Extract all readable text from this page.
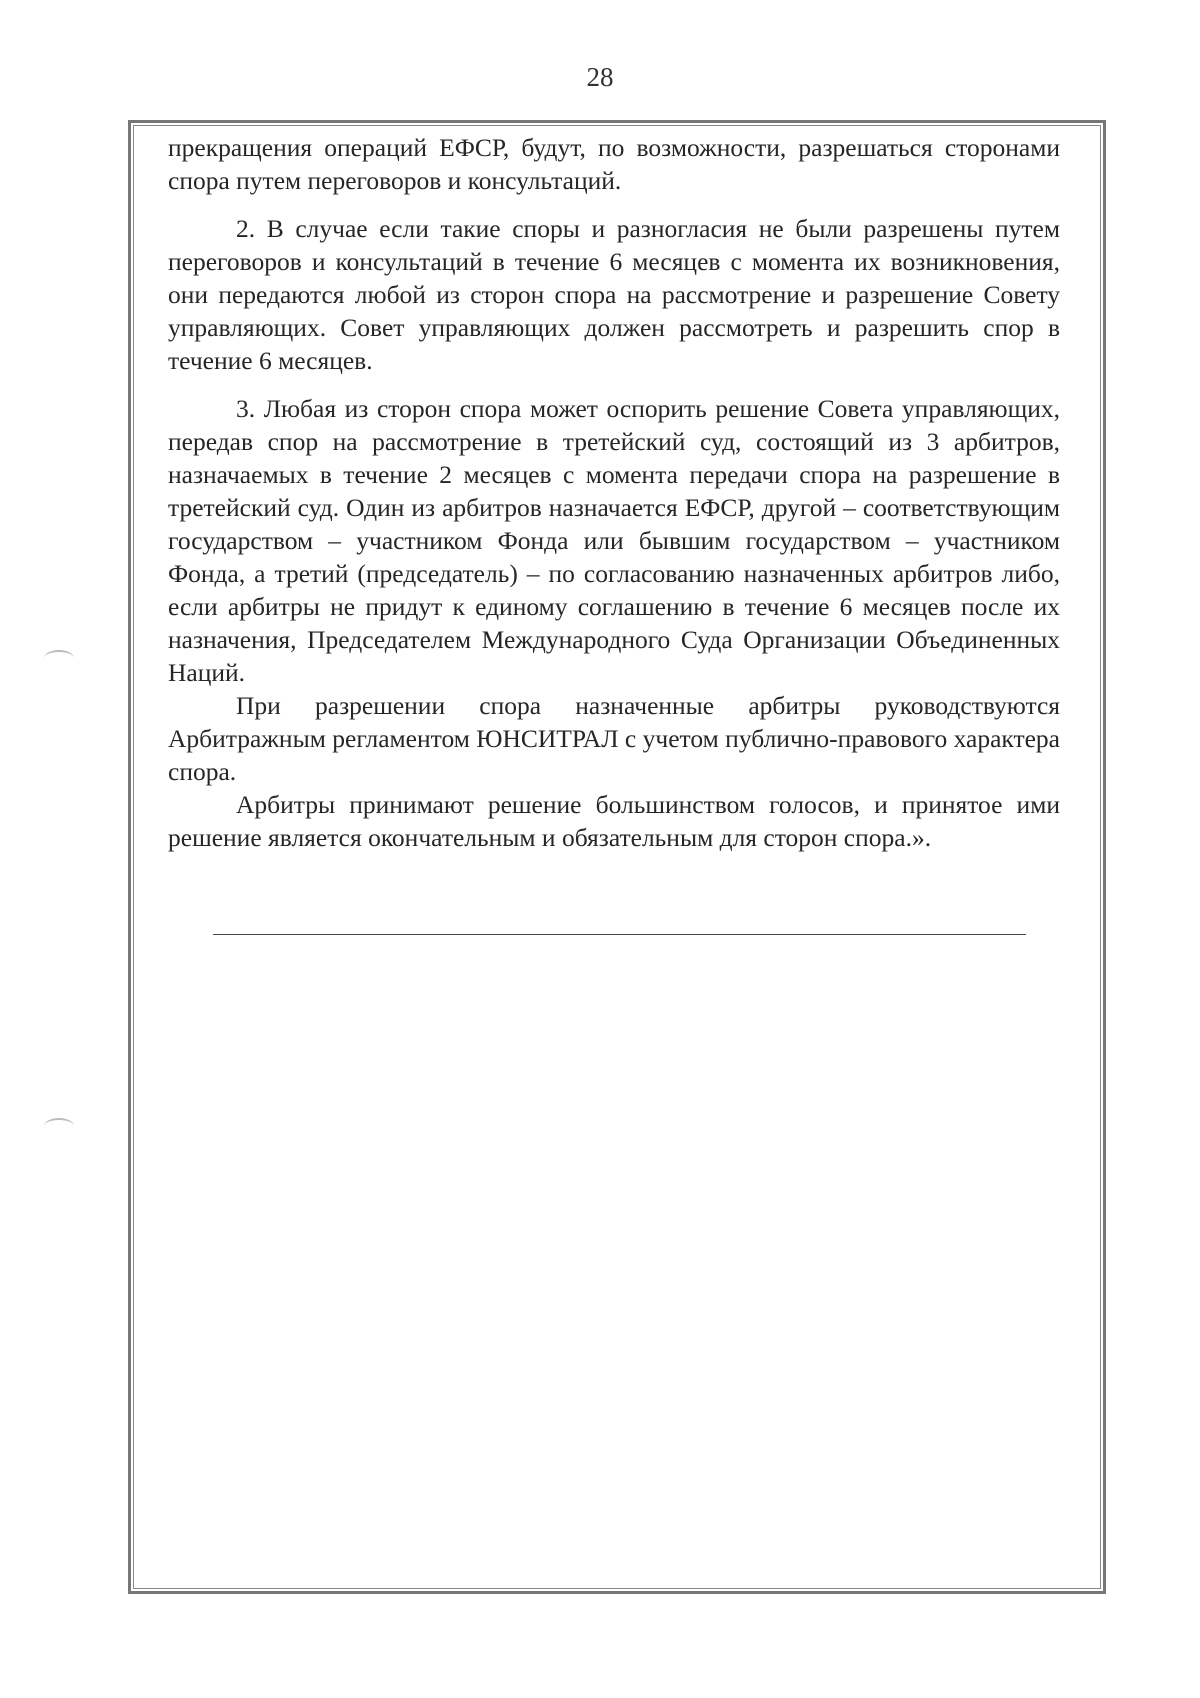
28

прекращения операций ЕФСР, будут, по возможности, разрешаться сторонами спора путем переговоров и консультаций.

2. В случае если такие споры и разногласия не были разрешены путем переговоров и консультаций в течение 6 месяцев с момента их возникновения, они передаются любой из сторон спора на рассмотрение и разрешение Совету управляющих. Совет управляющих должен рассмотреть и разрешить спор в течение 6 месяцев.

3. Любая из сторон спора может оспорить решение Совета управляющих, передав спор на рассмотрение в третейский суд, состоящий из 3 арбитров, назначаемых в течение 2 месяцев с момента передачи спора на разрешение в третейский суд. Один из арбитров назначается ЕФСР, другой – соответствующим государством – участником Фонда или бывшим государством – участником Фонда, а третий (председатель) – по согласованию назначенных арбитров либо, если арбитры не придут к единому соглашению в течение 6 месяцев после их назначения, Председателем Международного Суда Организации Объединенных Наций.

При разрешении спора назначенные арбитры руководствуются Арбитражным регламентом ЮНСИТРАЛ с учетом публично-правового характера спора.

Арбитры принимают решение большинством голосов, и принятое ими решение является окончательным и обязательным для сторон спора.».
